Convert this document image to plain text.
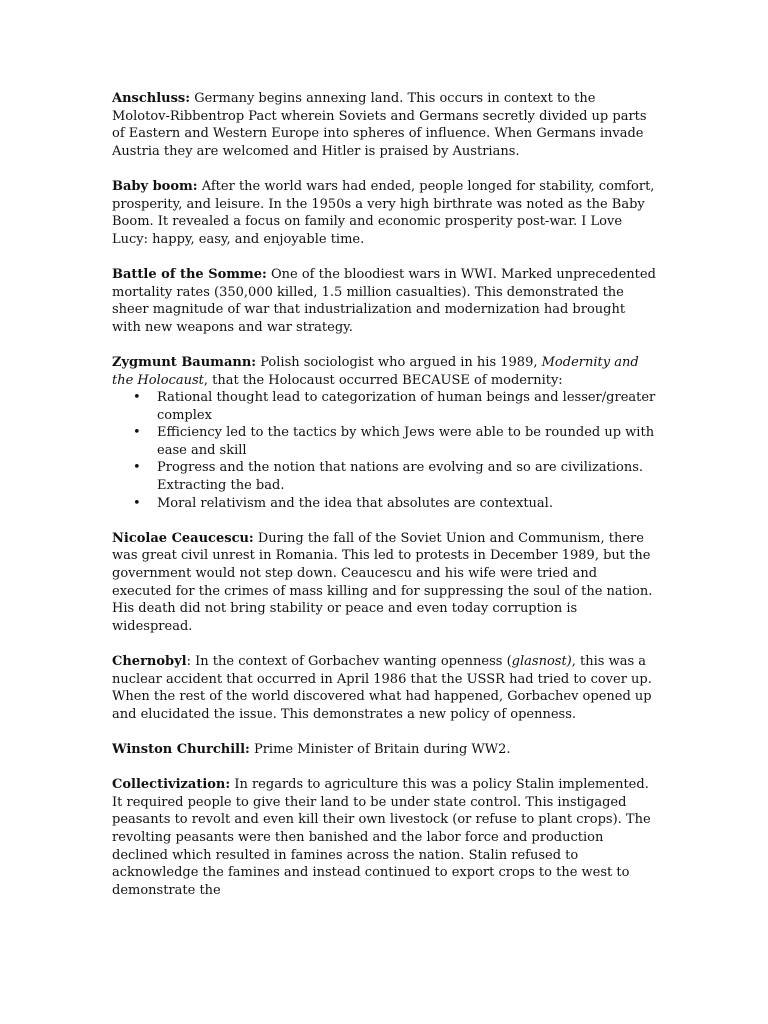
Anschluss: Germany begins annexing land. This occurs in context to the Molotov-Ribbentrop Pact wherein Soviets and Germans secretly divided up parts of Eastern and Western Europe into spheres of influence. When Germans invade Austria they are welcomed and Hitler is praised by Austrians.

Baby boom: After the world wars had ended, people longed for stability, comfort, prosperity, and leisure. In the 1950s a very high birthrate was noted as the Baby Boom. It revealed a focus on family and economic prosperity post-war. I Love Lucy: happy, easy, and enjoyable time.

Battle of the Somme: One of the bloodiest wars in WWI. Marked unprecedented mortality rates (350,000 killed, 1.5 million casualties). This demonstrated the sheer magnitude of war that industrialization and modernization had brought with new weapons and war strategy.

Zygmunt Baumann: Polish sociologist who argued in his 1989, Modernity and the Holocaust, that the Holocaust occurred BECAUSE of modernity:

• Rational thought lead to categorization of human beings and lesser/greater complex
• Efficiency led to the tactics by which Jews were able to be rounded up with ease and skill
• Progress and the notion that nations are evolving and so are civilizations. Extracting the bad.
• Moral relativism and the idea that absolutes are contextual.

Nicolae Ceaucescu: During the fall of the Soviet Union and Communism, there was great civil unrest in Romania. This led to protests in December 1989, but the government would not step down. Ceaucescu and his wife were tried and executed for the crimes of mass killing and for suppressing the soul of the nation. His death did not bring stability or peace and even today corruption is widespread.

Chernobyl: In the context of Gorbachev wanting openness (glasnost), this was a nuclear accident that occurred in April 1986 that the USSR had tried to cover up. When the rest of the world discovered what had happened, Gorbachev opened up and elucidated the issue. This demonstrates a new policy of openness.

Winston Churchill: Prime Minister of Britain during WW2.

Collectivization: In regards to agriculture this was a policy Stalin implemented. It required people to give their land to be under state control. This instigaged peasants to revolt and even kill their own livestock (or refuse to plant crops). The revolting peasants were then banished and the labor force and production declined which resulted in famines across the nation. Stalin refused to acknowledge the famines and instead continued to export crops to the west to demonstrate the
